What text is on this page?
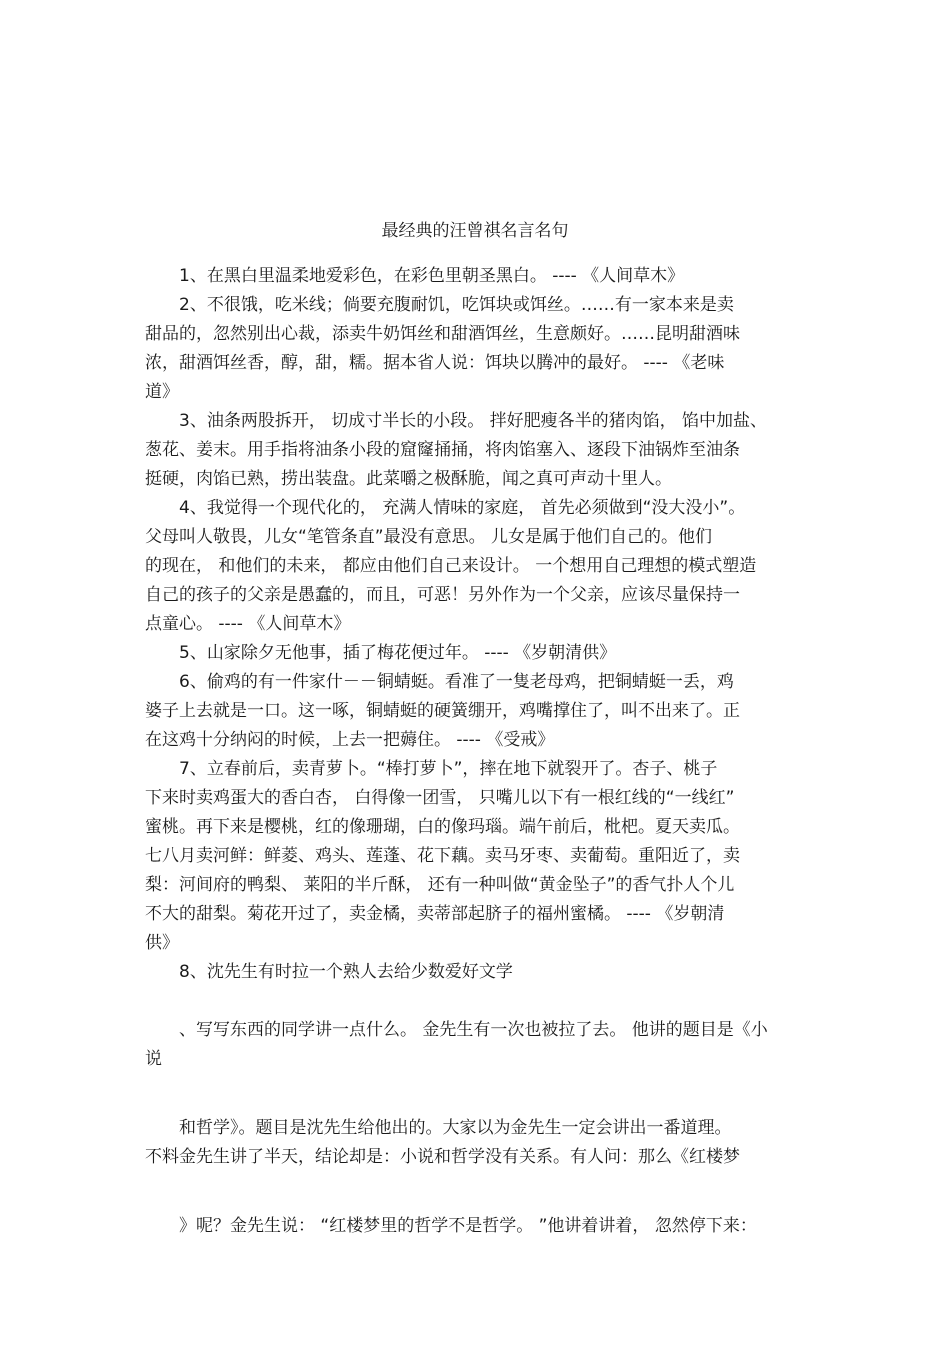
最经典的汪曾祺名言名句
1、在黑白里温柔地爱彩色，在彩色里朝圣黑白。 ---- 《人间草木》
2、不很饿，吃米线；倘要充腹耐饥，吃饵块或饵丝。……有一家本来是卖
甜品的，忽然别出心裁，添卖牛奶饵丝和甜酒饵丝，生意颇好。……昆明甜酒味
浓，甜酒饵丝香，醇，甜，糯。据本省人说：饵块以腾冲的最好。 ---- 《老味
道》
3、油条两股拆开， 切成寸半长的小段。 拌好肥瘦各半的猪肉馅， 馅中加盐、
葱花、姜末。用手指将油条小段的窟窿捅捅，将肉馅塞入、逐段下油锅炸至油条
挺硬，肉馅已熟，捞出装盘。此菜嚼之极酥脆，闻之真可声动十里人。
4、我觉得一个现代化的， 充满人情味的家庭， 首先必须做到“没大没小”。
父母叫人敬畏，儿女“笔管条直”最没有意思。 儿女是属于他们自己的。他们
的现在， 和他们的未来， 都应由他们自己来设计。 一个想用自己理想的模式塑造
自己的孩子的父亲是愚蠢的，而且，可恶！另外作为一个父亲，应该尽量保持一
点童心。 ---- 《人间草木》
5、山家除夕无他事，插了梅花便过年。 ---- 《岁朝清供》
6、偷鸡的有一件家什－－铜蜻蜓。看准了一隻老母鸡，把铜蜻蜓一丢，鸡
婆子上去就是一口。这一啄，铜蜻蜓的硬簧绷开，鸡嘴撑住了，叫不出来了。正
在这鸡十分纳闷的时候，上去一把薅住。 ---- 《受戒》
7、立春前后，卖青萝卜。“棒打萝卜”，摔在地下就裂开了。杏子、桃子
下来时卖鸡蛋大的香白杏， 白得像一团雪， 只嘴儿以下有一根红线的“一线红”
蜜桃。再下来是樱桃，红的像珊瑚，白的像玛瑙。端午前后，枇杷。夏天卖瓜。
七八月卖河鲜：鲜菱、鸡头、莲蓬、花下藕。卖马牙枣、卖葡萄。重阳近了，卖
梨：河间府的鸭梨、 莱阳的半斤酥， 还有一种叫做“黄金坠子”的香气扑人个儿
不大的甜梨。菊花开过了，卖金橘，卖蒂部起脐子的福州蜜橘。 ---- 《岁朝清
供》
8、沈先生有时拉一个熟人去给少数爱好文学
、写写东西的同学讲一点什么。 金先生有一次也被拉了去。 他讲的题目是《小
说
和哲学》。题目是沈先生给他出的。大家以为金先生一定会讲出一番道理。
不料金先生讲了半天，结论却是：小说和哲学没有关系。有人问：那么《红楼梦
》呢？金先生说： “红楼梦里的哲学不是哲学。 ”他讲着讲着， 忽然停下来：
